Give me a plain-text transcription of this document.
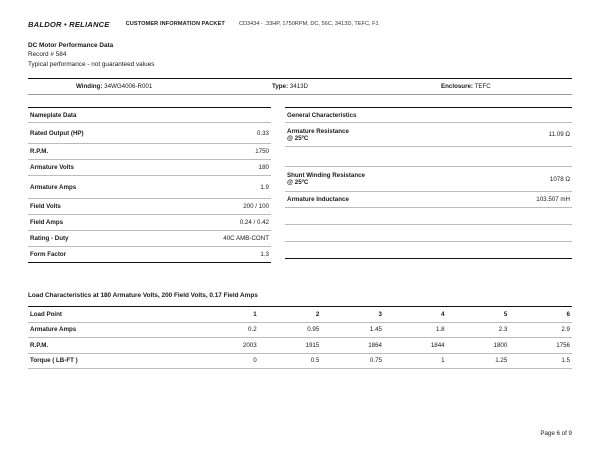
BALDOR • RELIANCE	CUSTOMER INFORMATION PACKET	CD3434 - .33HP, 1750RPM, DC, 56C, 3413D, TEFC, F1
DC Motor Performance Data
Record # 584
Typical performance - not guaranteed values
Winding: 34WG4006-R001	Type: 3413D	Enclosure: TEFC
Nameplate Data	
Rated Output (HP)	0.33
R.P.M.	1750
Armature Volts	180
Armature Amps	1.9
Field Volts	200 / 100
Field Amps	0.24 / 0.42
Rating - Duty	40C AMB-CONT
Form Factor	1.3
General Characteristics	

Armature Resistance
@ 25ºC	11.09 Ω

Shunt Winding Resistance
@ 25ºC	1078 Ω
Armature Inductance	103.507 mH

Load Characteristics at 180 Armature Volts, 200 Field Volts, 0.17 Field Amps
Load Point	1	2	3	4	5	6
Armature Amps	0.2	0.95	1.45	1.8	2.3	2.9
R.P.M.	2003	1915	1864	1844	1800	1756
Torque ( LB-FT )	0	0.5	0.75	1	1.25	1.5
Page 6 of 9
